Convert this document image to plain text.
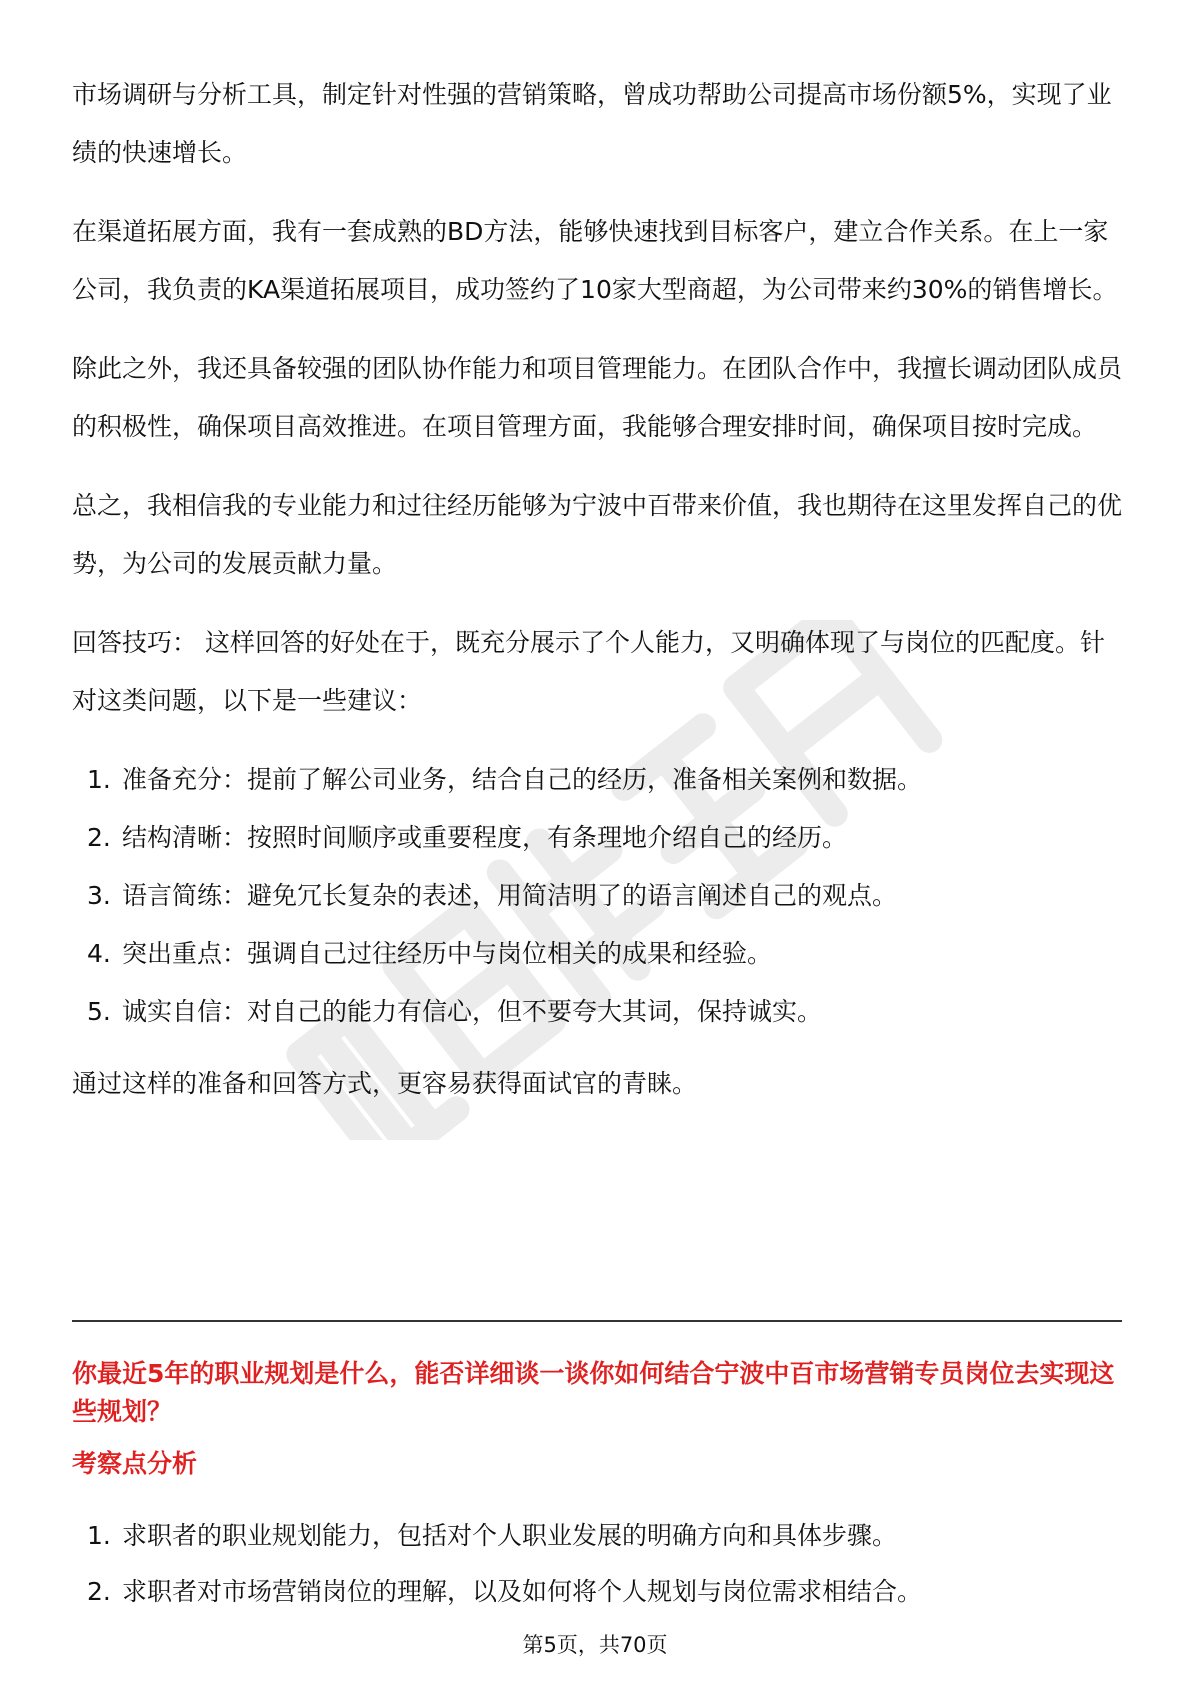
市场调研与分析工具，制定针对性强的营销策略，曾成功帮助公司提高市场份额5%，实现了业绩的快速增长。

在渠道拓展方面，我有一套成熟的BD方法，能够快速找到目标客户，建立合作关系。在上一家公司，我负责的KA渠道拓展项目，成功签约了10家大型商超，为公司带来约30%的销售增长。

除此之外，我还具备较强的团队协作能力和项目管理能力。在团队合作中，我擅长调动团队成员的积极性，确保项目高效推进。在项目管理方面，我能够合理安排时间，确保项目按时完成。

总之，我相信我的专业能力和过往经历能够为宁波中百带来价值，我也期待在这里发挥自己的优势，为公司的发展贡献力量。

回答技巧： 这样回答的好处在于，既充分展示了个人能力，又明确体现了与岗位的匹配度。针对这类问题，以下是一些建议：

1. 准备充分：提前了解公司业务，结合自己的经历，准备相关案例和数据。
2. 结构清晰：按照时间顺序或重要程度，有条理地介绍自己的经历。
3. 语言简练：避免冗长复杂的表述，用简洁明了的语言阐述自己的观点。
4. 突出重点：强调自己过往经历中与岗位相关的成果和经验。
5. 诚实自信：对自己的能力有信心，但不要夸大其词，保持诚实。

通过这样的准备和回答方式，更容易获得面试官的青睐。

你最近5年的职业规划是什么，能否详细谈一谈你如何结合宁波中百市场营销专员岗位去实现这些规划？
考察点分析
1. 求职者的职业规划能力，包括对个人职业发展的明确方向和具体步骤。
2. 求职者对市场营销岗位的理解，以及如何将个人规划与岗位需求相结合。
第5页，共70页
